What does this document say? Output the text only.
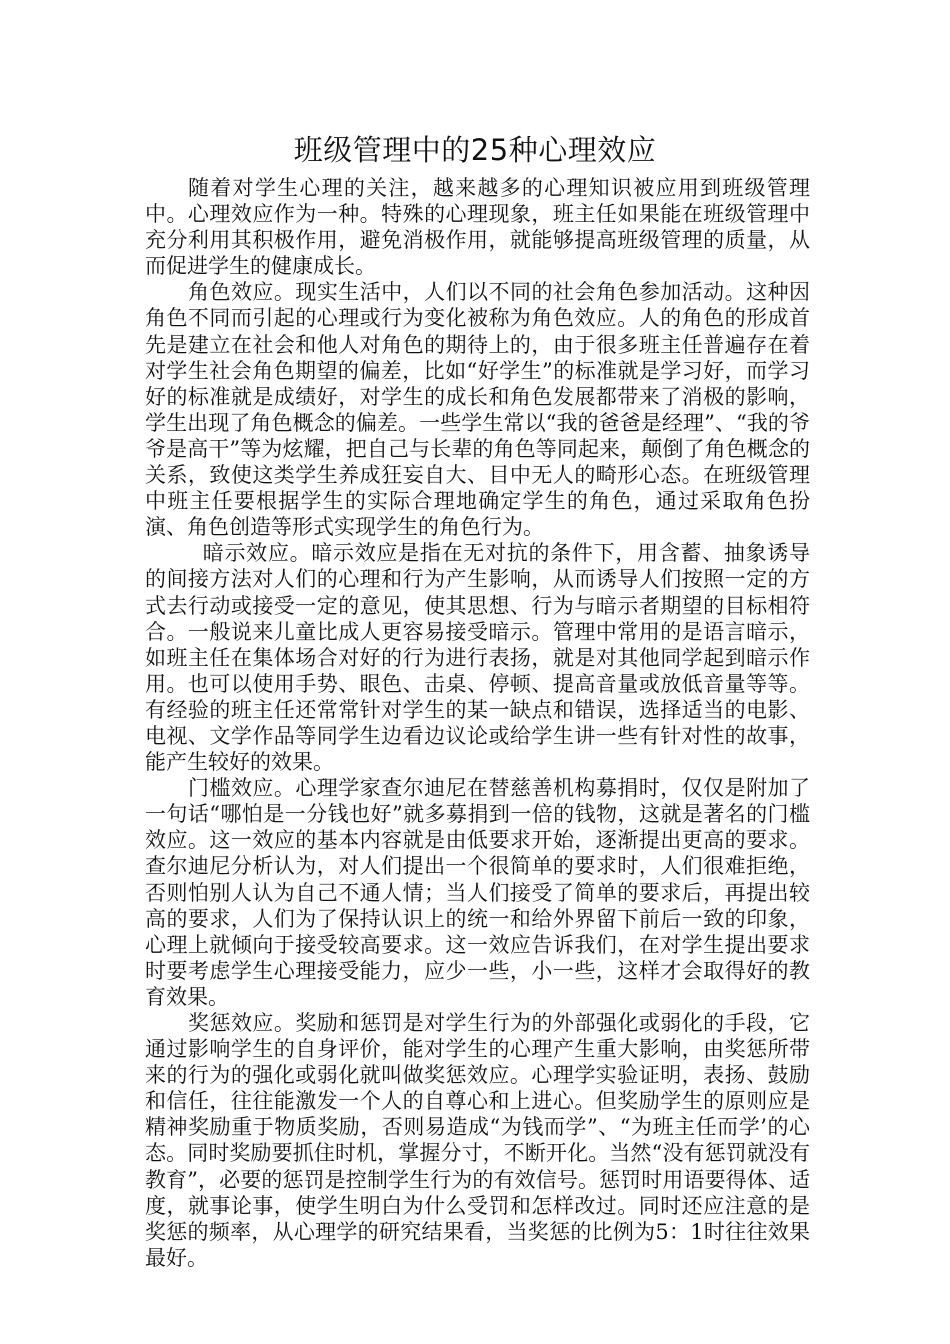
班级管理中的25种心理效应

随着对学生心理的关注，越来越多的心理知识被应用到班级管理中。心理效应作为一种。特殊的心理现象，班主任如果能在班级管理中充分利用其积极作用，避免消极作用，就能够提高班级管理的质量，从而促进学生的健康成长。

角色效应。现实生活中，人们以不同的社会角色参加活动。这种因角色不同而引起的心理或行为变化被称为角色效应。人的角色的形成首先是建立在社会和他人对角色的期待上的，由于很多班主任普遍存在着对学生社会角色期望的偏差，比如“好学生”的标准就是学习好，而学习好的标准就是成绩好，对学生的成长和角色发展都带来了消极的影响，学生出现了角色概念的偏差。一些学生常以“我的爸爸是经理”、“我的爷爷是高干”等为炫耀，把自己与长辈的角色等同起来，颠倒了角色概念的关系，致使这类学生养成狂妄自大、目中无人的畸形心态。在班级管理中班主任要根据学生的实际合理地确定学生的角色，通过采取角色扮演、角色创造等形式实现学生的角色行为。

暗示效应。暗示效应是指在无对抗的条件下，用含蓄、抽象诱导的间接方法对人们的心理和行为产生影响，从而诱导人们按照一定的方式去行动或接受一定的意见，使其思想、行为与暗示者期望的目标相符合。一般说来儿童比成人更容易接受暗示。管理中常用的是语言暗示，如班主任在集体场合对好的行为进行表扬，就是对其他同学起到暗示作用。也可以使用手势、眼色、击桌、停顿、提高音量或放低音量等等。有经验的班主任还常常针对学生的某一缺点和错误，选择适当的电影、电视、文学作品等同学生边看边议论或给学生讲一些有针对性的故事，能产生较好的效果。

门槛效应。心理学家查尔迪尼在替慈善机构募捐时，仅仅是附加了一句话“哪怕是一分钱也好”就多募捐到一倍的钱物，这就是著名的门槛效应。这一效应的基本内容就是由低要求开始，逐渐提出更高的要求。查尔迪尼分析认为，对人们提出一个很简单的要求时，人们很难拒绝，否则怕别人认为自己不通人情；当人们接受了简单的要求后，再提出较高的要求，人们为了保持认识上的统一和给外界留下前后一致的印象，心理上就倾向于接受较高要求。这一效应告诉我们，在对学生提出要求时要考虑学生心理接受能力，应少一些，小一些，这样才会取得好的教育效果。

奖惩效应。奖励和惩罚是对学生行为的外部强化或弱化的手段，它通过影响学生的自身评价，能对学生的心理产生重大影响，由奖惩所带来的行为的强化或弱化就叫做奖惩效应。心理学实验证明，表扬、鼓励和信任，往往能激发一个人的自尊心和上进心。但奖励学生的原则应是精神奖励重于物质奖励，否则易造成“为钱而学”、“为班主任而学’的心态。同时奖励要抓住时机，掌握分寸，不断开化。当然“没有惩罚就没有教育”，必要的惩罚是控制学生行为的有效信号。惩罚时用语要得体、适度，就事论事，使学生明白为什么受罚和怎样改过。同时还应注意的是奖惩的频率，从心理学的研究结果看，当奖惩的比例为5：1时往往效果最好。
